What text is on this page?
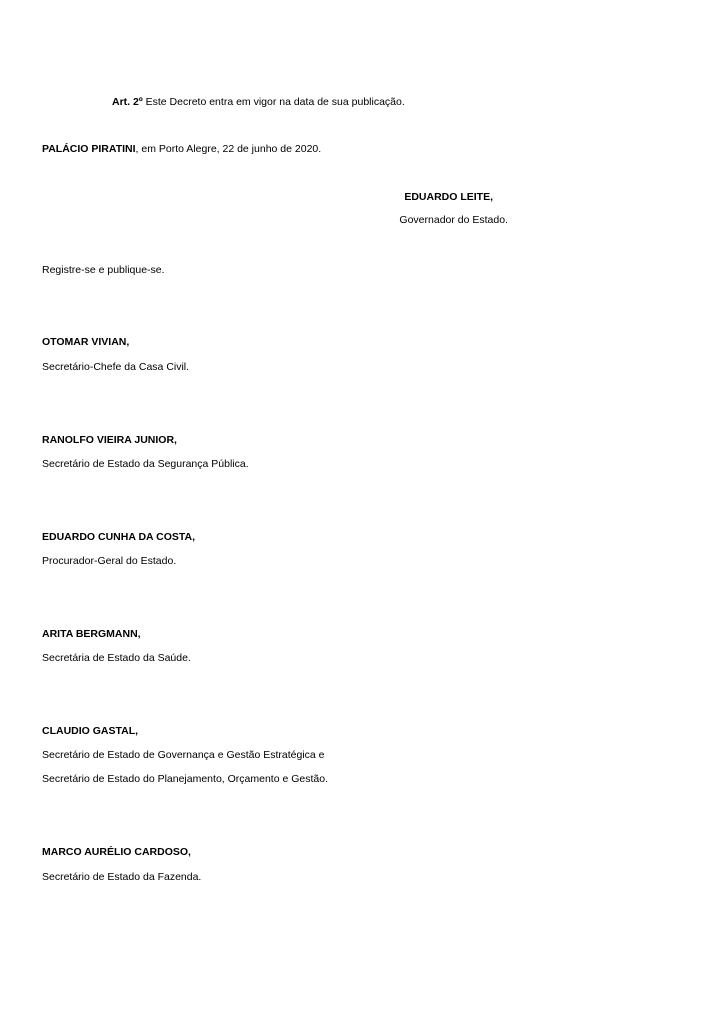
Art. 2º Este Decreto entra em vigor na data de sua publicação.
PALÁCIO PIRATINI, em Porto Alegre, 22 de junho de 2020.
EDUARDO LEITE,
Governador do Estado.
Registre-se e publique-se.
OTOMAR VIVIAN,
Secretário-Chefe da Casa Civil.
RANOLFO VIEIRA JUNIOR,
Secretário de Estado da Segurança Pública.
EDUARDO CUNHA DA COSTA,
Procurador-Geral do Estado.
ARITA BERGMANN,
Secretária de Estado da Saúde.
CLAUDIO GASTAL,
Secretário de Estado de Governança e Gestão Estratégica e
Secretário de Estado do Planejamento, Orçamento e Gestão.
MARCO AURÉLIO CARDOSO,
Secretário de Estado da Fazenda.
